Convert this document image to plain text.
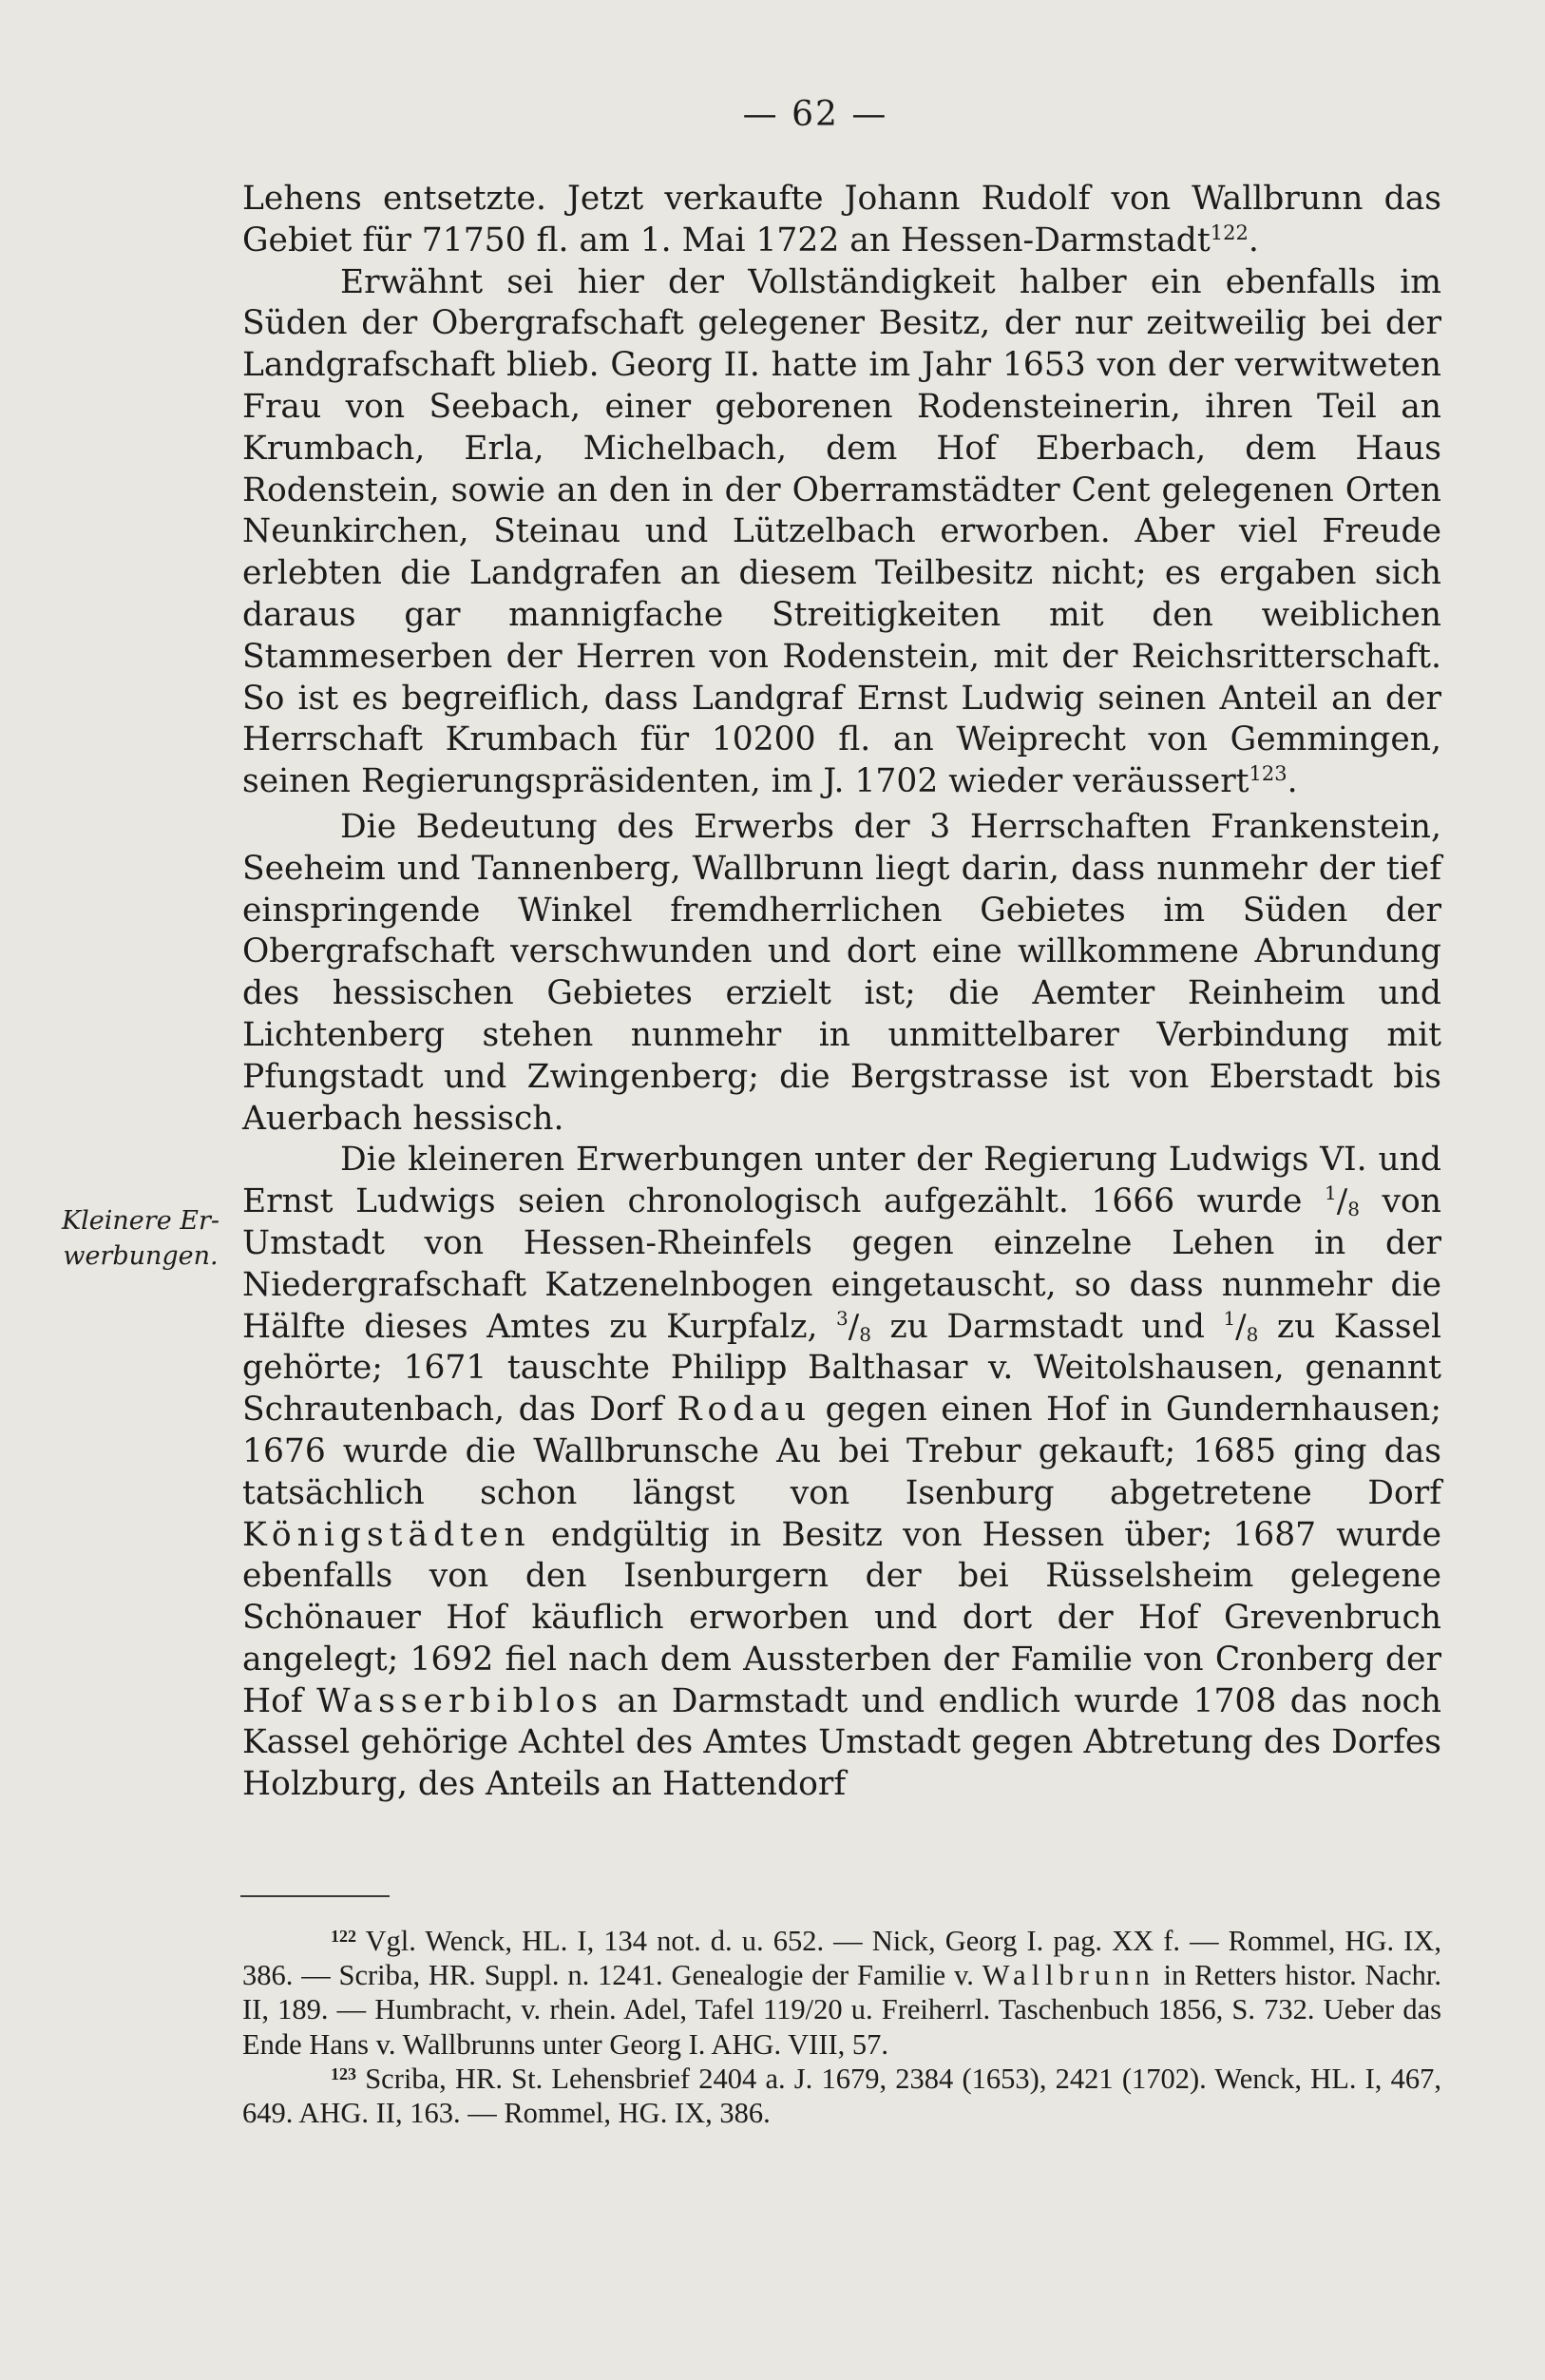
— 62 —
Kleinere Er-
werbungen.

Lehens entsetzte. Jetzt verkaufte Johann Rudolf von Wallbrunn das Gebiet für 71750 fl. am 1. Mai 1722 an Hessen-Darmstadt$^{122}$.

Erwähnt sei hier der Vollständigkeit halber ein ebenfalls im Süden der Obergrafschaft gelegener Besitz, der nur zeitweilig bei der Landgrafschaft blieb. Georg II. hatte im Jahr 1653 von der verwitweten Frau von Seebach, einer geborenen Rodensteinerin, ihren Teil an Krumbach, Erla, Michelbach, dem Hof Eberbach, dem Haus Rodenstein, sowie an den in der Oberramstädter Cent gelegenen Orten Neunkirchen, Steinau und Lützelbach erworben. Aber viel Freude erlebten die Landgrafen an diesem Teilbesitz nicht; es ergaben sich daraus gar mannigfache Streitigkeiten mit den weiblichen Stammeserben der Herren von Rodenstein, mit der Reichsritterschaft. So ist es begreiflich, dass Landgraf Ernst Ludwig seinen Anteil an der Herrschaft Krumbach für 10200 fl. an Weiprecht von Gemmingen, seinen Regierungspräsidenten, im J. 1702 wieder veräussert$^{123}$.

Die Bedeutung des Erwerbs der 3 Herrschaften Frankenstein, Seeheim und Tannenberg, Wallbrunn liegt darin, dass nunmehr der tief einspringende Winkel fremdherrlichen Gebietes im Süden der Obergrafschaft verschwunden und dort eine willkommene Abrundung des hessischen Gebietes erzielt ist; die Aemter Reinheim und Lichtenberg stehen nunmehr in unmittelbarer Verbindung mit Pfungstadt und Zwingenberg; die Bergstrasse ist von Eberstadt bis Auerbach hessisch.

Die kleineren Erwerbungen unter der Regierung Ludwigs VI. und Ernst Ludwigs seien chronologisch aufgezählt. 1666 wurde $^1/_8$ von Umstadt von Hessen-Rheinfels gegen einzelne Lehen in der Niedergrafschaft Katzenelnbogen eingetauscht, so dass nunmehr die Hälfte dieses Amtes zu Kurpfalz, $^3/_8$ zu Darmstadt und $^1/_8$ zu Kassel gehörte; 1671 tauschte Philipp Balthasar v. Weitolshausen, genannt Schrautenbach, das Dorf Rodau gegen einen Hof in Gundernhausen; 1676 wurde die Wallbrunsche Au bei Trebur gekauft; 1685 ging das tatsächlich schon längst von Isenburg abgetretene Dorf Königstädten endgültig in Besitz von Hessen über; 1687 wurde ebenfalls von den Isenburgern der bei Rüsselsheim gelegene Schönauer Hof käuflich erworben und dort der Hof Grevenbruch angelegt; 1692 fiel nach dem Aussterben der Familie von Cronberg der Hof Wasserbiblos an Darmstadt und endlich wurde 1708 das noch Kassel gehörige Achtel des Amtes Umstadt gegen Abtretung des Dorfes Holzburg, des Anteils an Hattendorf

$^{122}$ Vgl. Wenck, HL. I, 134 not. d. u. 652. — Nick, Georg I. pag. XX f. — Rommel, HG. IX, 386. — Scriba, HR. Suppl. n. 1241. Genealogie der Familie v. Wallbrunn in Retters histor. Nachr. II, 189. — Humbracht, v. rhein. Adel, Tafel 119/20 u. Freiherrl. Taschenbuch 1856, S. 732. Ueber das Ende Hans v. Wallbrunns unter Georg I. AHG. VIII, 57.

$^{123}$ Scriba, HR. St. Lehensbrief 2404 a. J. 1679, 2384 (1653), 2421 (1702). Wenck, HL. I, 467, 649. AHG. II, 163. — Rommel, HG. IX, 386.
